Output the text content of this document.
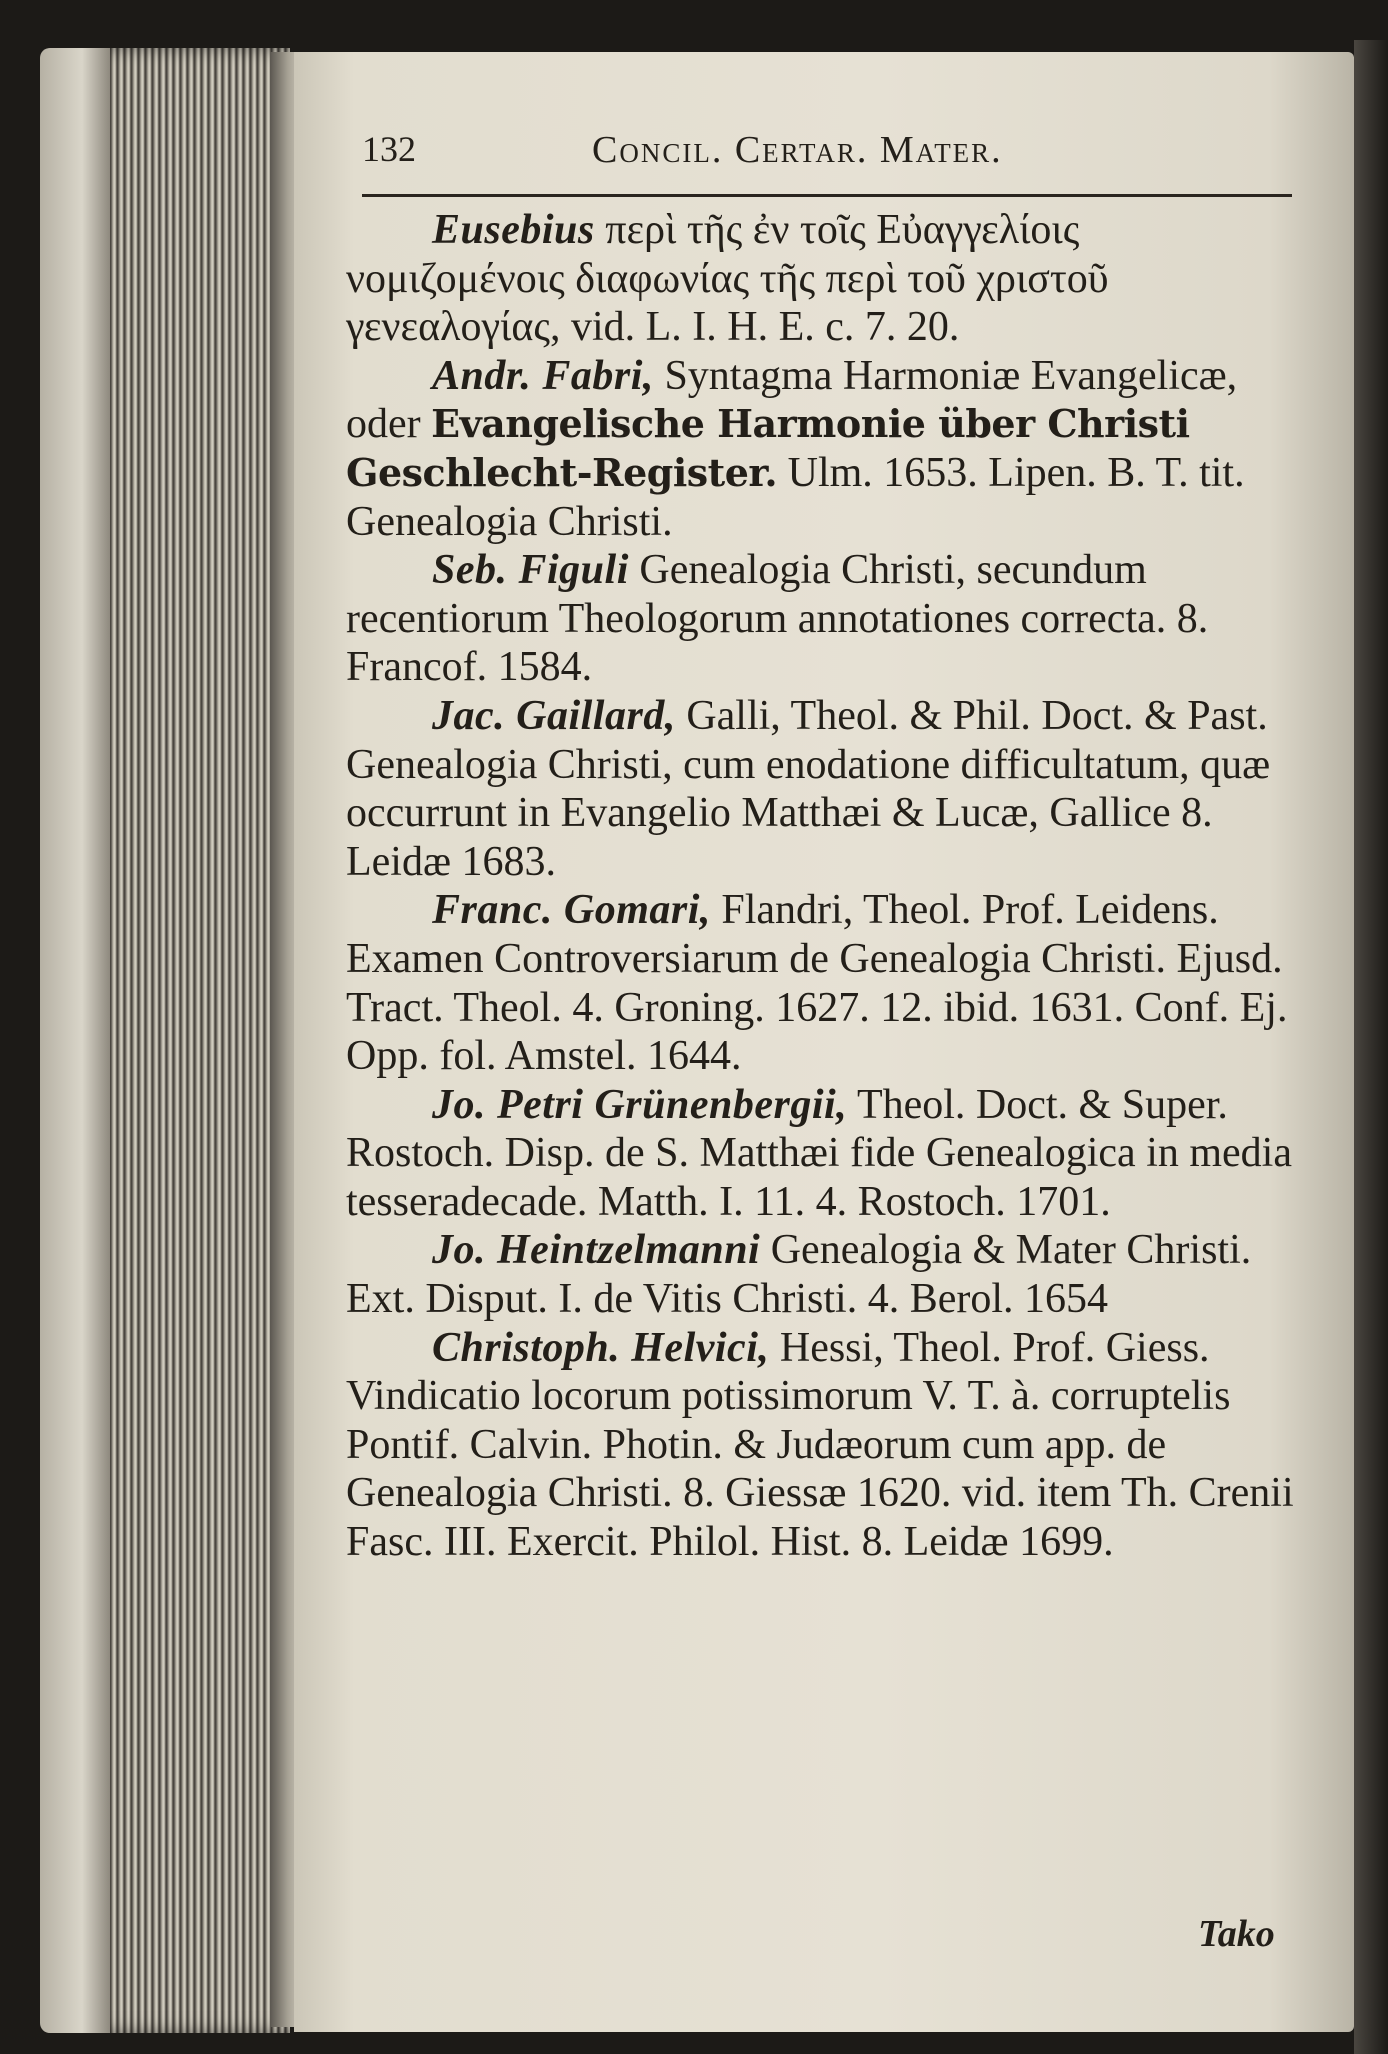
132	Concil. Certar. Mater.

Eusebius περὶ τῆς ἐν τοῖς Εὐαγγελίοις νομιζομένοις διαφωνίας τῆς περὶ τοῦ χριστοῦ γενεαλογίας, vid. L. I. H. E. c. 7. 20.

Andr. Fabri, Syntagma Harmoniæ Evangelicæ, oder Evangelische Harmonie über Christi Geschlecht-Register. Ulm. 1653. Lipen. B. T. tit. Genealogia Christi.

Seb. Figuli Genealogia Christi, secundum recentiorum Theologorum annotationes correcta. 8. Francof. 1584.

Jac. Gaillard, Galli, Theol. & Phil. Doct. & Past. Genealogia Christi, cum enodatione difficultatum, quæ occurrunt in Evangelio Matthæi & Lucæ, Gallice 8. Leidæ 1683.

Franc. Gomari, Flandri, Theol. Prof. Leidens. Examen Controversiarum de Genealogia Christi. Ejusd. Tract. Theol. 4. Groning. 1627. 12. ibid. 1631. Conf. Ej. Opp. fol. Amstel. 1644.

Jo. Petri Grünenbergii, Theol. Doct. & Super. Rostoch. Disp. de S. Matthæi fide Genealogica in media tesseradecade. Matth. I. 11. 4. Rostoch. 1701.

Jo. Heintzelmanni Genealogia & Mater Christi. Ext. Disput. I. de Vitis Christi. 4. Berol. 1654

Christoph. Helvici, Hessi, Theol. Prof. Giess. Vindicatio locorum potissimorum V. T. à. corruptelis Pontif. Calvin. Photin. & Judæorum cum app. de Genealogia Christi. 8. Giessæ 1620. vid. item Th. Crenii Fasc. III. Exercit. Philol. Hist. 8. Leidæ 1699.

Tako
